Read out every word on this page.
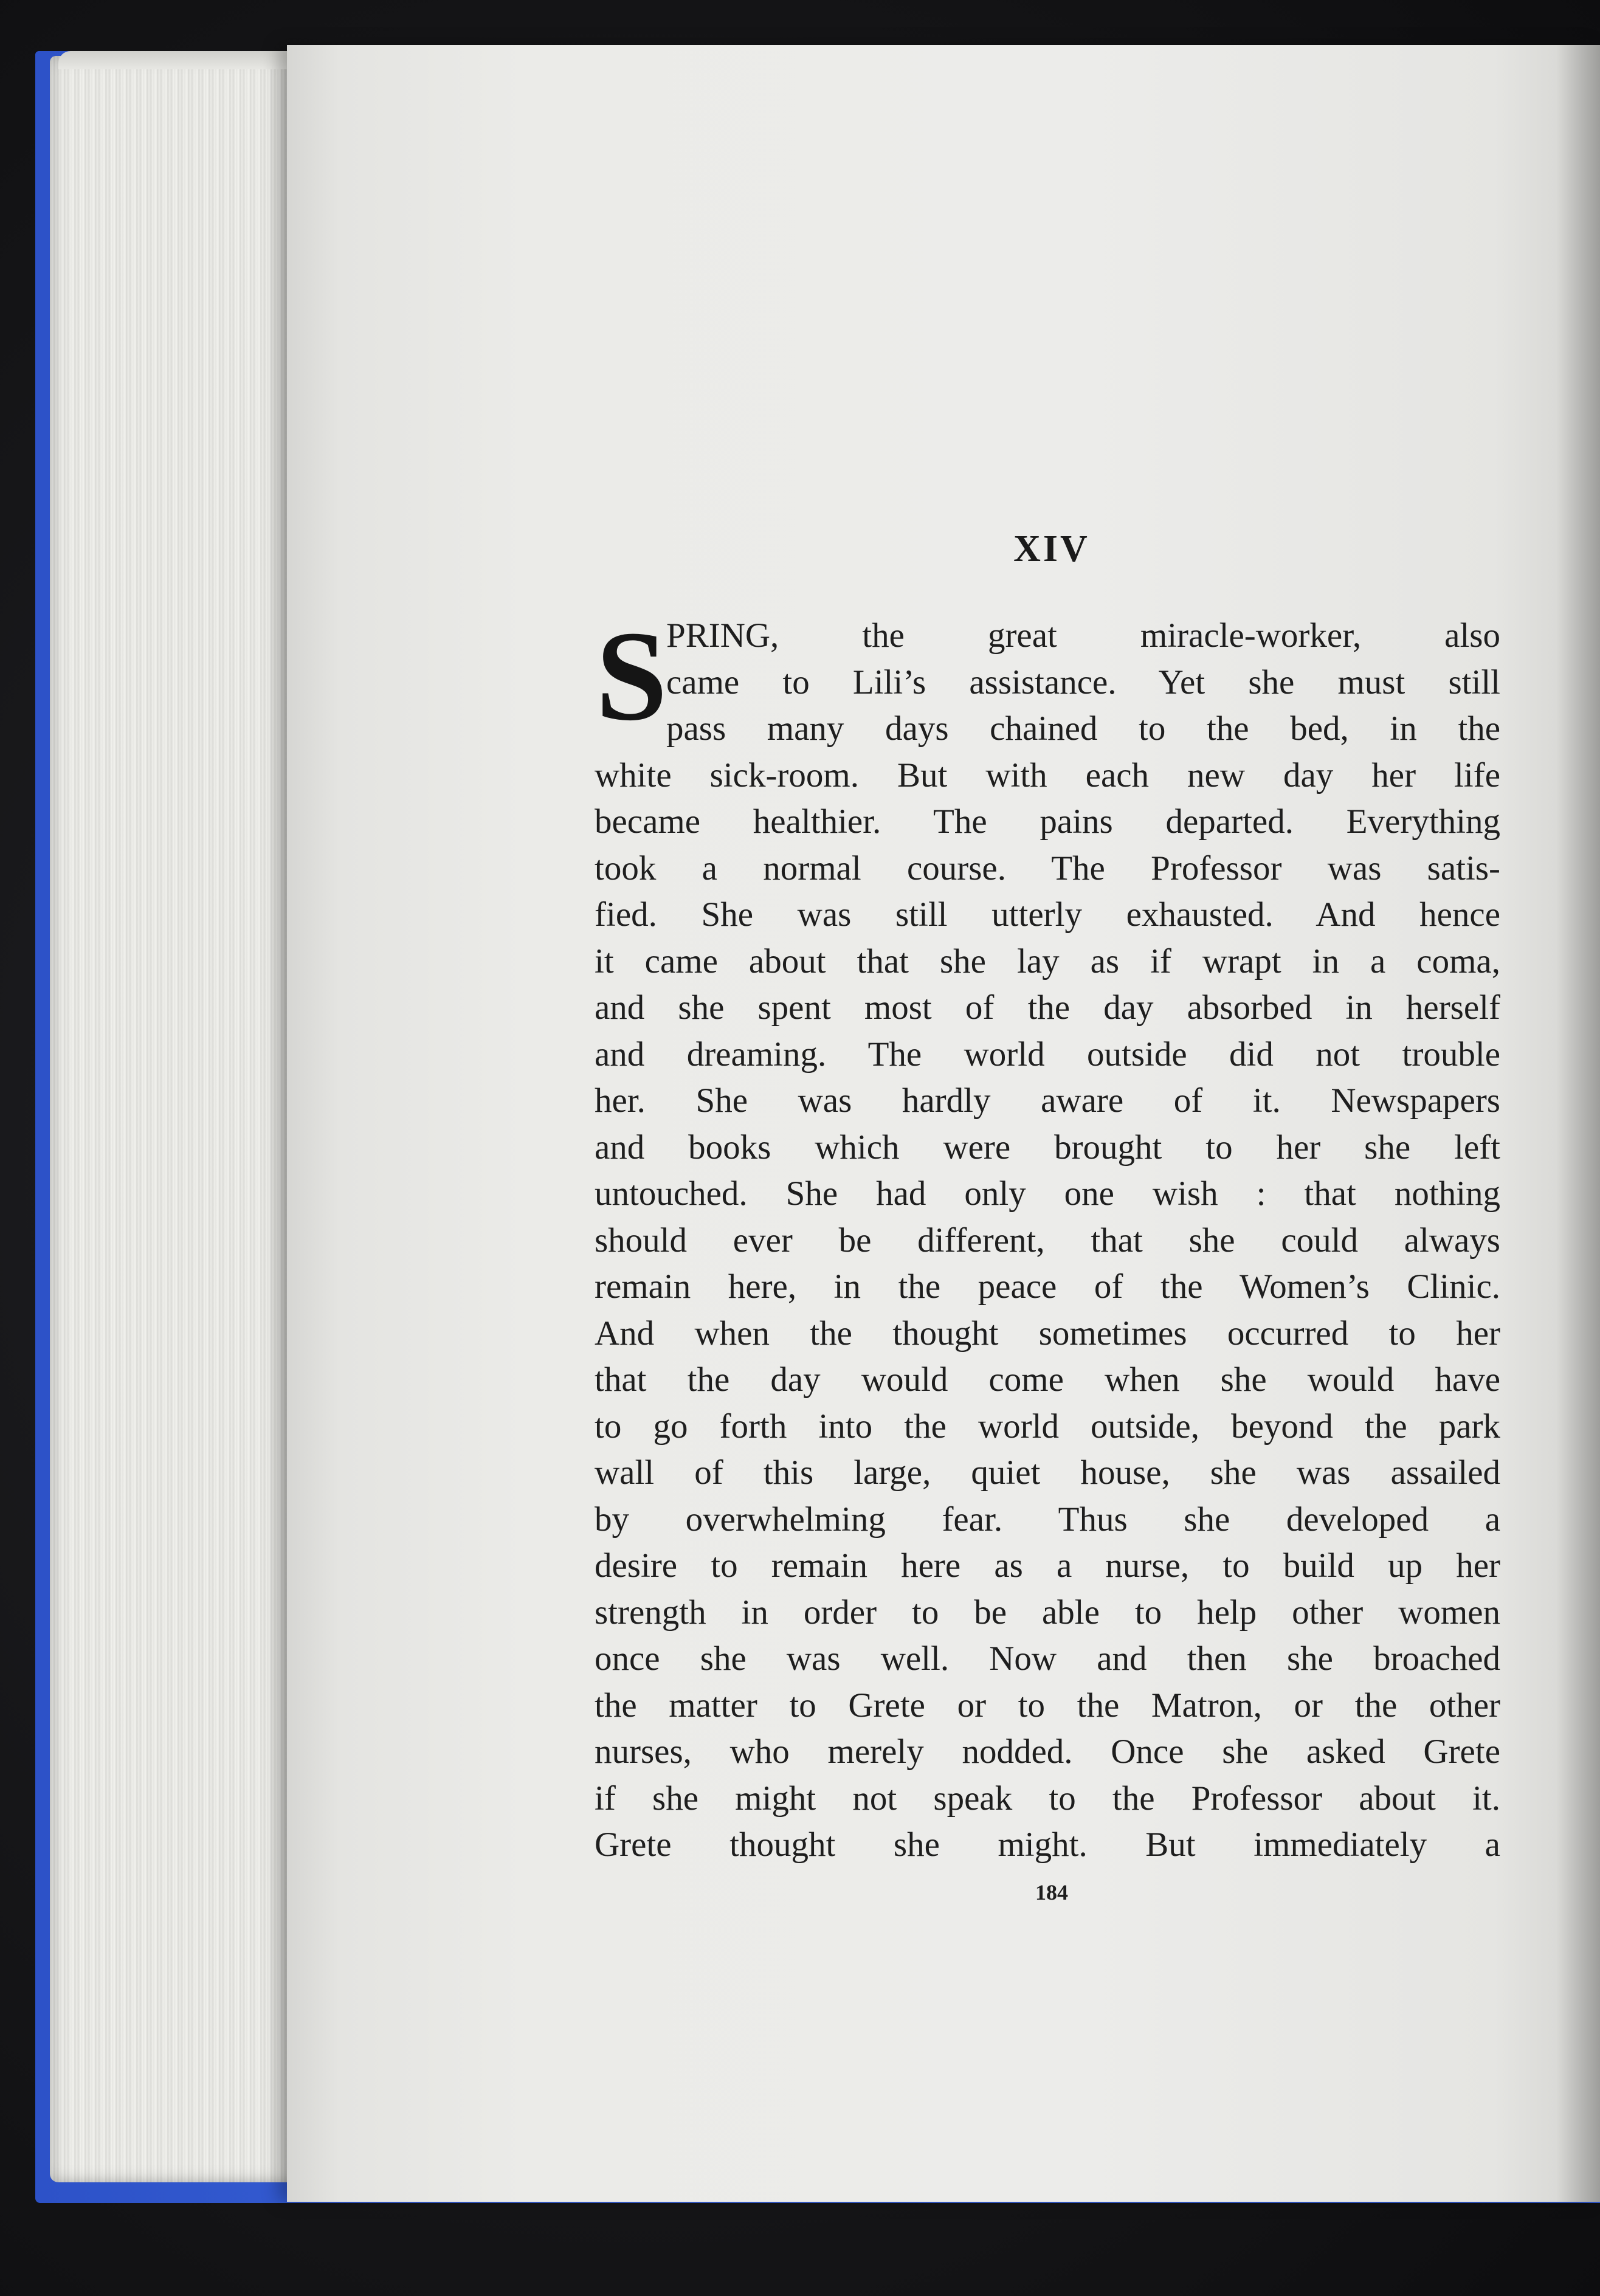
XIV
S
PRING, the great miracle-worker, also
came to Lili’s assistance. Yet she must still
pass many days chained to the bed, in the
white sick-room. But with each new day her life
became healthier. The pains departed. Everything
took a normal course. The Professor was satis-
fied. She was still utterly exhausted. And hence
it came about that she lay as if wrapt in a coma,
and she spent most of the day absorbed in herself
and dreaming. The world outside did not trouble
her. She was hardly aware of it. Newspapers
and books which were brought to her she left
untouched. She had only one wish : that nothing
should ever be different, that she could always
remain here, in the peace of the Women’s Clinic.
And when the thought sometimes occurred to her
that the day would come when she would have
to go forth into the world outside, beyond the park
wall of this large, quiet house, she was assailed
by overwhelming fear. Thus she developed a
desire to remain here as a nurse, to build up her
strength in order to be able to help other women
once she was well. Now and then she broached
the matter to Grete or to the Matron, or the other
nurses, who merely nodded. Once she asked Grete
if she might not speak to the Professor about it.
Grete thought she might. But immediately a
184
